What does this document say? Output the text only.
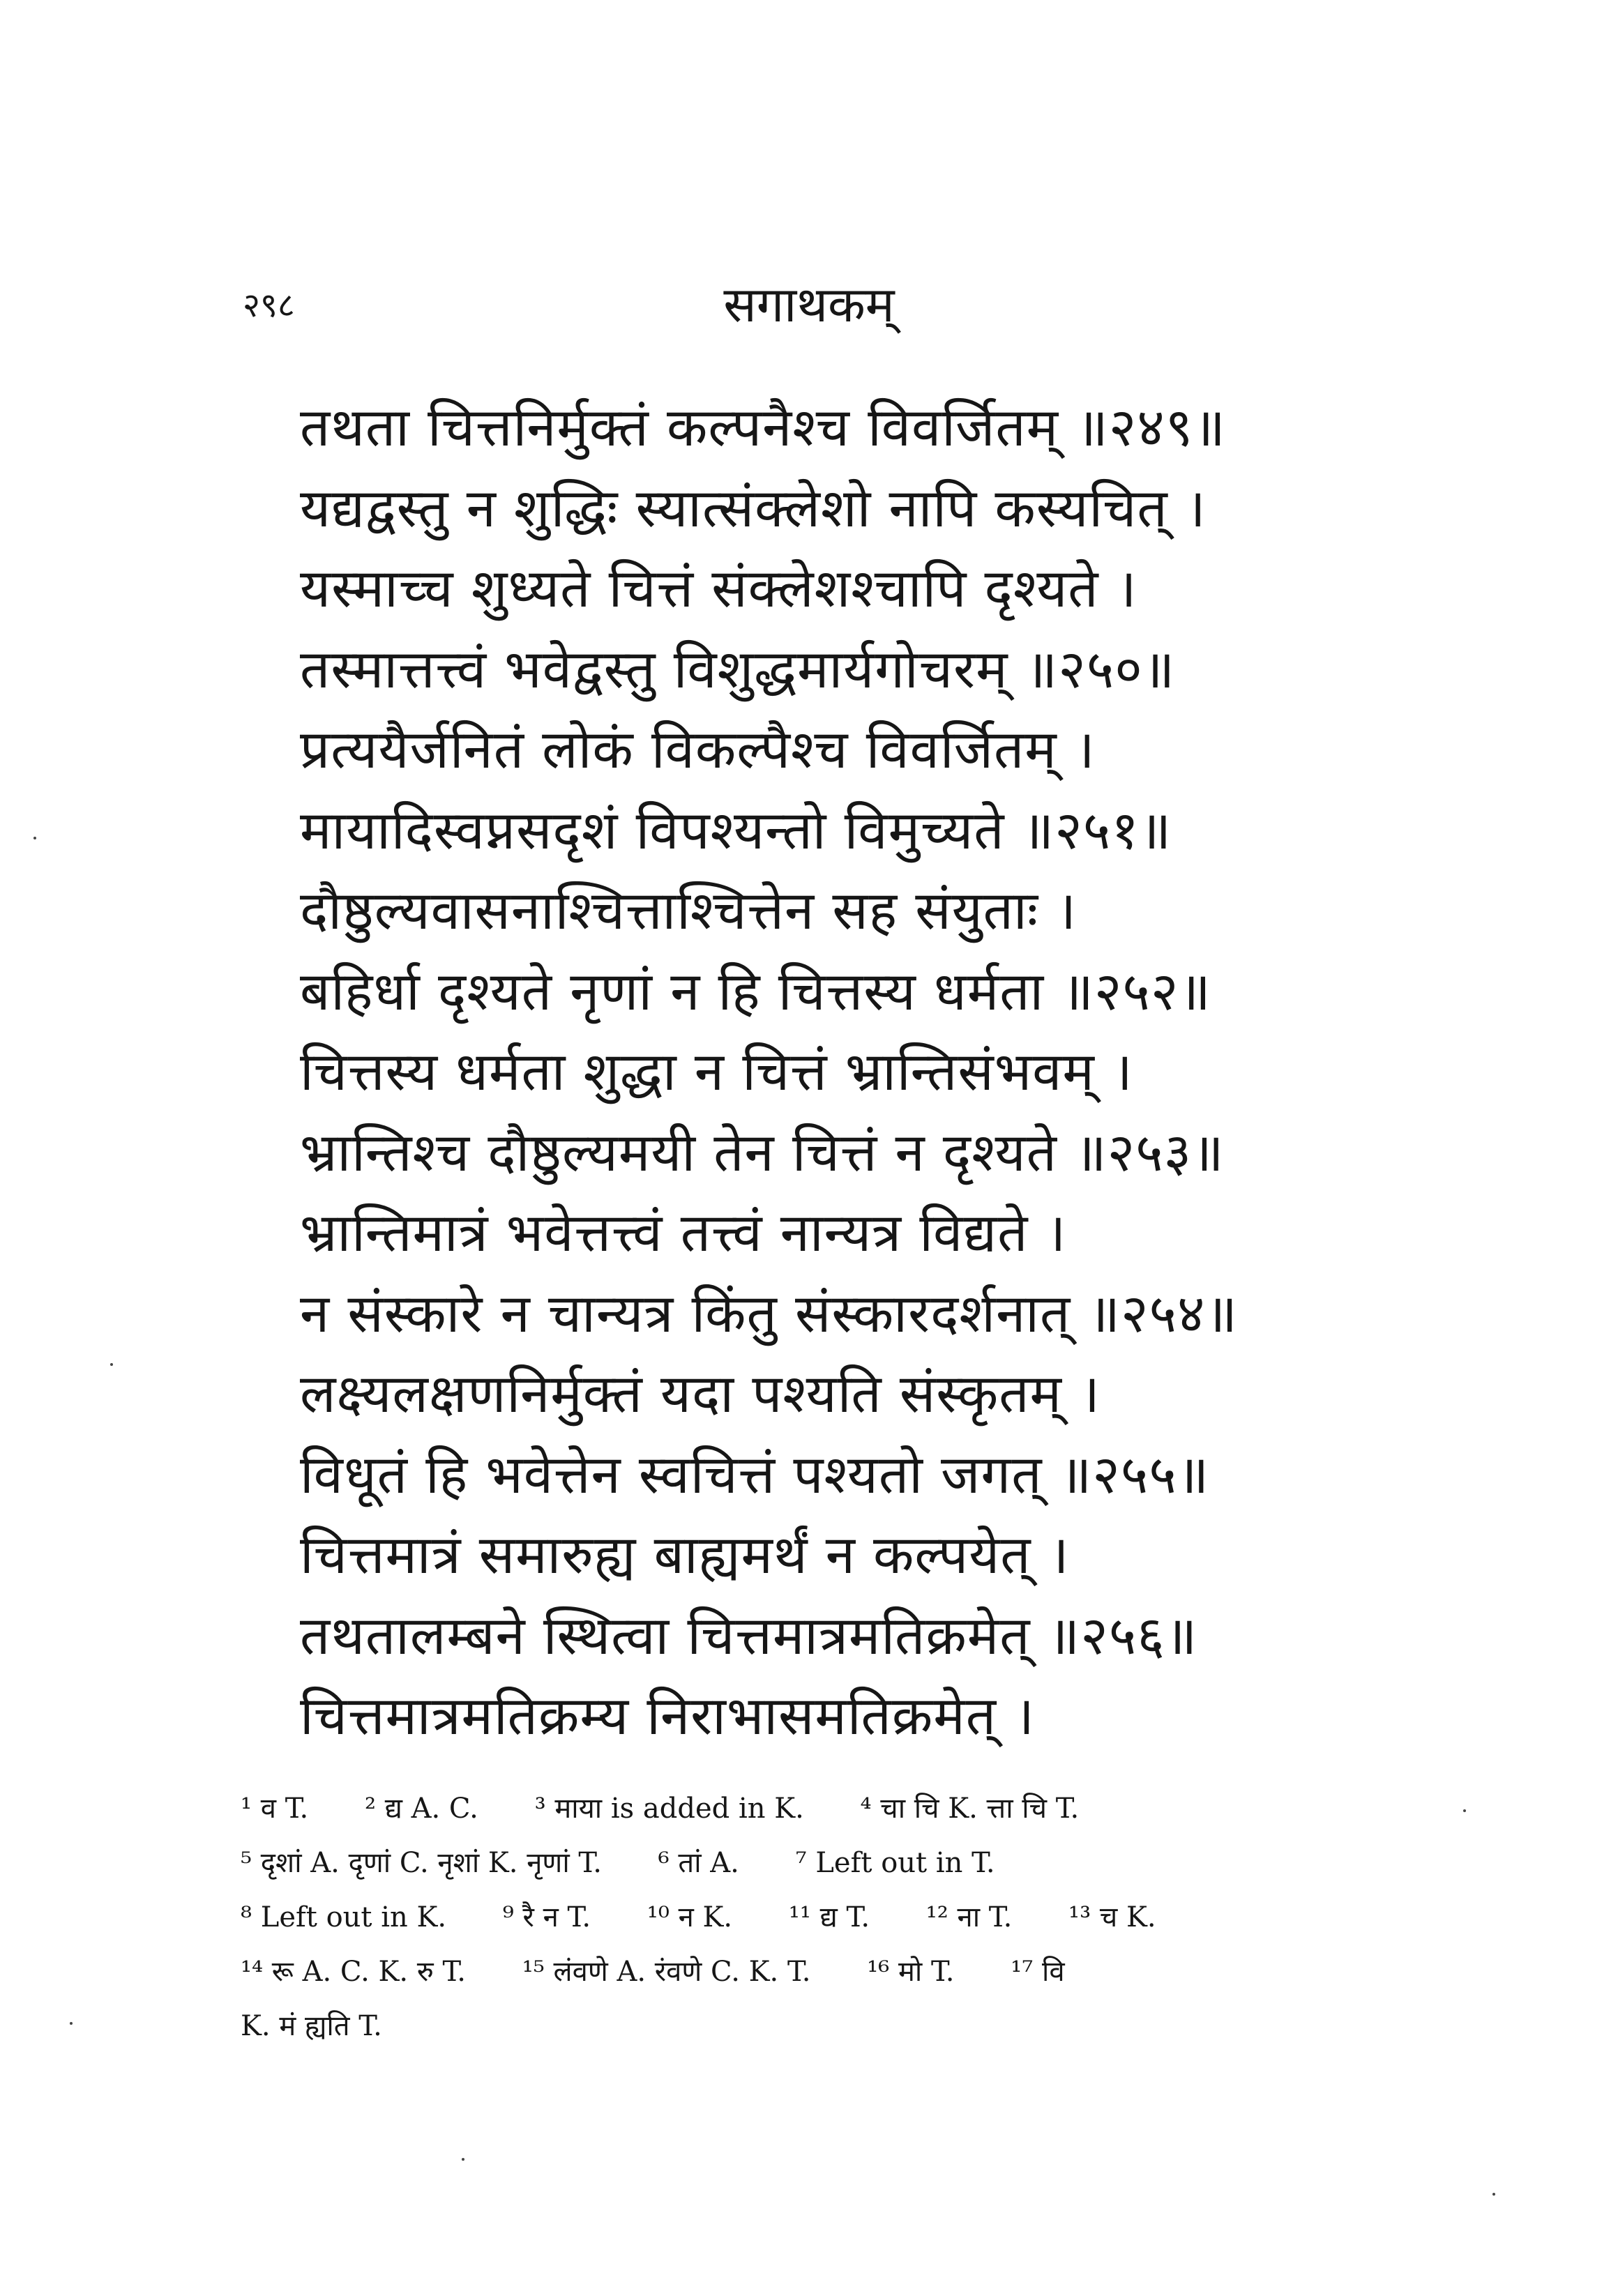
२९८	सगाथकम्
तथता चित्तनिर्मुक्तं कल्पनैश्च विवर्जितम् ॥२४९॥
यद्यद्वस्तु न शुद्धिः स्यात्संक्लेशो नापि कस्यचित् ।
यस्माच्च शुध्यते चित्तं संक्लेशश्चापि दृश्यते ।
तस्मात्तत्त्वं भवेद्वस्तु विशुद्धमार्यगोचरम् ॥२५०॥
प्रत्ययैर्जनितं लोकं विकल्पैश्च विवर्जितम् ।
मायादिस्वप्नसदृशं विपश्यन्तो विमुच्यते ॥२५१॥
दौष्ठुल्यवासनाश्चित्ताश्चित्तेन सह संयुताः ।
बहिर्धा दृश्यते नृणां न हि चित्तस्य धर्मता ॥२५२॥
चित्तस्य धर्मता शुद्धा न चित्तं भ्रान्तिसंभवम् ।
भ्रान्तिश्च दौष्ठुल्यमयी तेन चित्तं न दृश्यते ॥२५३॥
भ्रान्तिमात्रं भवेत्तत्त्वं तत्त्वं नान्यत्र विद्यते ।
न संस्कारे न चान्यत्र किंतु संस्कारदर्शनात् ॥२५४॥
लक्ष्यलक्षणनिर्मुक्तं यदा पश्यति संस्कृतम् ।
विधूतं हि भवेत्तेन स्वचित्तं पश्यतो जगत् ॥२५५॥
चित्तमात्रं समारुह्य बाह्यमर्थं न कल्पयेत् ।
तथतालम्बने स्थित्वा चित्तमात्रमतिक्रमेत् ॥२५६॥
चित्तमात्रमतिक्रम्य निराभासमतिक्रमेत् ।
¹ व T. ² द्य A. C. ³ माया is added in K. ⁴ चा चि K. त्ता चि T.
⁵ दृशां A. दृणां C. नृशां K. नृणां T. ⁶ तां A. ⁷ Left out in T.
⁸ Left out in K. ⁹ रै न T. ¹⁰ न K. ¹¹ द्य T. ¹² ना T. ¹³ च K.
¹⁴ रू A. C. K. रु T. ¹⁵ लंवणे A. रंवणे C. K. T. ¹⁶ मो T. ¹⁷ वि
K. मं ह्यति T.
